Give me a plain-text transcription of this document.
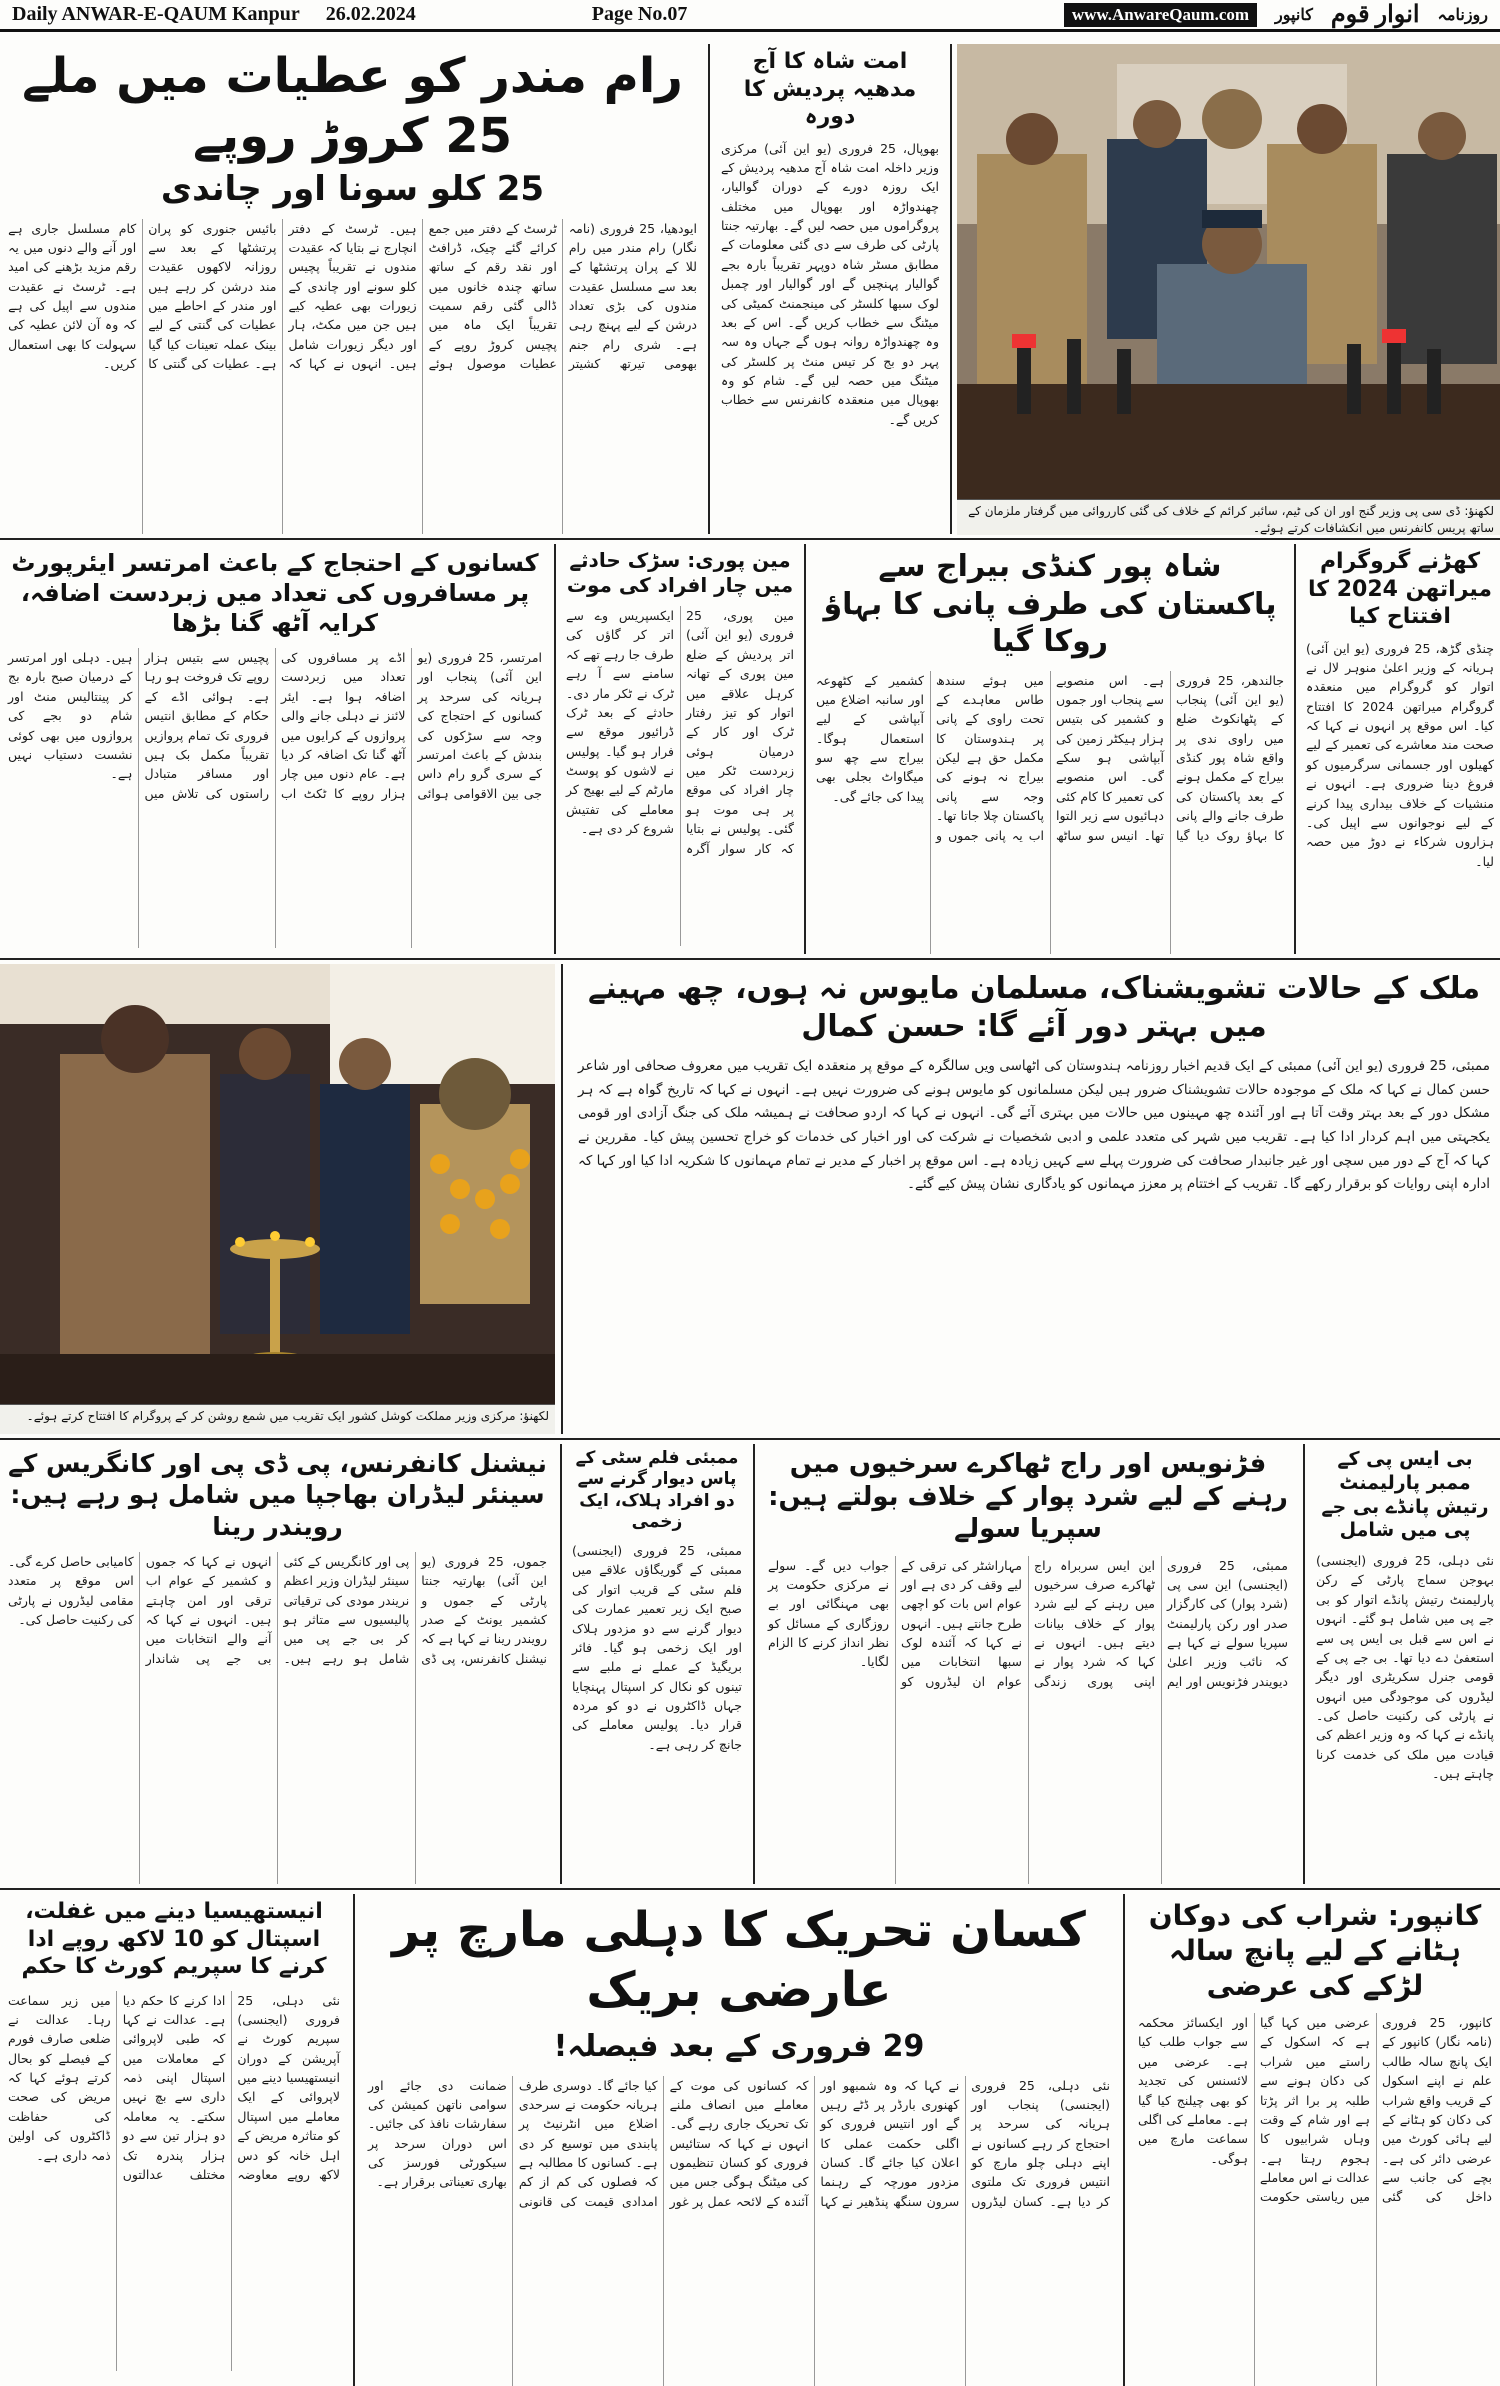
Daily ANWAR-E-QAUM Kanpur 26.02.2024	Page No.07	روزنامہ
انوار قوم
کانپور
www.AnwareQaum.com
لکھنؤ: ڈی سی پی وزیر گنج اور ان کی ٹیم، سائبر کرائم کے خلاف کی گئی کارروائی میں گرفتار ملزمان کے ساتھ پریس کانفرنس میں انکشافات کرتے ہوئے۔
امت شاہ کا آج مدھیہ پردیش کا دورہ
بھوپال، 25 فروری (یو این آئی) مرکزی وزیر داخلہ امت شاہ آج مدھیہ پردیش کے ایک روزہ دورے کے دوران گوالیار، چھندواڑہ اور بھوپال میں مختلف پروگراموں میں حصہ لیں گے۔ بھارتیہ جنتا پارٹی کی طرف سے دی گئی معلومات کے مطابق مسٹر شاہ دوپہر تقریباً بارہ بجے گوالیار پہنچیں گے اور گوالیار اور چمبل لوک سبھا کلسٹر کی مینجمنٹ کمیٹی کی میٹنگ سے خطاب کریں گے۔ اس کے بعد وہ چھندواڑہ روانہ ہوں گے جہاں وہ سہ پہر دو بج کر تیس منٹ پر کلسٹر کی میٹنگ میں حصہ لیں گے۔ شام کو وہ بھوپال میں منعقدہ کانفرنس سے خطاب کریں گے۔
رام مندر کو عطیات میں ملے 25 کروڑ روپے
25 کلو سونا اور چاندی
ایودھیا، 25 فروری (نامہ نگار) رام مندر میں رام للا کے پران پرتشٹھا کے بعد سے مسلسل عقیدت مندوں کی بڑی تعداد درشن کے لیے پہنچ رہی ہے۔ شری رام جنم بھومی تیرتھ کشیتر ٹرسٹ کے دفتر میں جمع کرائے گئے چیک، ڈرافٹ اور نقد رقم کے ساتھ ساتھ چندہ خانوں میں ڈالی گئی رقم سمیت تقریباً ایک ماہ میں پچیس کروڑ روپے کے عطیات موصول ہوئے ہیں۔ ٹرسٹ کے دفتر انچارج نے بتایا کہ عقیدت مندوں نے تقریباً پچیس کلو سونے اور چاندی کے زیورات بھی عطیہ کیے ہیں جن میں مکٹ، ہار اور دیگر زیورات شامل ہیں۔ انہوں نے کہا کہ بائیس جنوری کو پران پرتشٹھا کے بعد سے روزانہ لاکھوں عقیدت مند درشن کر رہے ہیں اور مندر کے احاطے میں عطیات کی گنتی کے لیے بینک عملہ تعینات کیا گیا ہے۔ عطیات کی گنتی کا کام مسلسل جاری ہے اور آنے والے دنوں میں یہ رقم مزید بڑھنے کی امید ہے۔ ٹرسٹ نے عقیدت مندوں سے اپیل کی ہے کہ وہ آن لائن عطیہ کی سہولت کا بھی استعمال کریں۔
کھڑنے گروگرام میراتھن 2024 کا افتتاح کیا
چنڈی گڑھ، 25 فروری (یو این آئی) ہریانہ کے وزیر اعلیٰ منوہر لال نے اتوار کو گروگرام میں منعقدہ گروگرام میراتھن 2024 کا افتتاح کیا۔ اس موقع پر انہوں نے کہا کہ صحت مند معاشرے کی تعمیر کے لیے کھیلوں اور جسمانی سرگرمیوں کو فروغ دینا ضروری ہے۔ انہوں نے منشیات کے خلاف بیداری پیدا کرنے کے لیے نوجوانوں سے اپیل کی۔ ہزاروں شرکاء نے دوڑ میں حصہ لیا۔
شاہ پور کنڈی بیراج سے پاکستان کی طرف پانی کا بہاؤ روکا گیا
جالندھر، 25 فروری (یو این آئی) پنجاب کے پٹھانکوٹ ضلع میں راوی ندی پر واقع شاہ پور کنڈی بیراج کے مکمل ہونے کے بعد پاکستان کی طرف جانے والے پانی کا بہاؤ روک دیا گیا ہے۔ اس منصوبے سے پنجاب اور جموں و کشمیر کی بتیس ہزار ہیکٹر زمین کی آبپاشی ہو سکے گی۔ اس منصوبے کی تعمیر کا کام کئی دہائیوں سے زیر التوا تھا۔ انیس سو ساٹھ میں ہوئے سندھ طاس معاہدے کے تحت راوی کے پانی پر ہندوستان کا مکمل حق ہے لیکن بیراج نہ ہونے کی وجہ سے پانی پاکستان چلا جاتا تھا۔ اب یہ پانی جموں و کشمیر کے کٹھوعہ اور سانبہ اضلاع میں آبپاشی کے لیے استعمال ہوگا۔ بیراج سے چھ سو میگاواٹ بجلی بھی پیدا کی جائے گی۔
مین پوری: سڑک حادثے میں چار افراد کی موت
مین پوری، 25 فروری (یو این آئی) اتر پردیش کے ضلع مین پوری کے تھانہ کرہل علاقے میں اتوار کو تیز رفتار ٹرک اور کار کے درمیان ہوئی زبردست ٹکر میں چار افراد کی موقع پر ہی موت ہو گئی۔ پولیس نے بتایا کہ کار سوار آگرہ ایکسپریس وے سے اتر کر گاؤں کی طرف جا رہے تھے کہ سامنے سے آ رہے ٹرک نے ٹکر مار دی۔ حادثے کے بعد ٹرک ڈرائیور موقع سے فرار ہو گیا۔ پولیس نے لاشوں کو پوسٹ مارٹم کے لیے بھیج کر معاملے کی تفتیش شروع کر دی ہے۔
کسانوں کے احتجاج کے باعث امرتسر ایئرپورٹ پر مسافروں کی تعداد میں زبردست اضافہ، کرایہ آٹھ گنا بڑھا
امرتسر، 25 فروری (یو این آئی) پنجاب اور ہریانہ کی سرحد پر کسانوں کے احتجاج کی وجہ سے سڑکوں کی بندش کے باعث امرتسر کے سری گرو رام داس جی بین الاقوامی ہوائی اڈے پر مسافروں کی تعداد میں زبردست اضافہ ہوا ہے۔ ایئر لائنز نے دہلی جانے والی پروازوں کے کرایوں میں آٹھ گنا تک اضافہ کر دیا ہے۔ عام دنوں میں چار ہزار روپے کا ٹکٹ اب پچیس سے بتیس ہزار روپے تک فروخت ہو رہا ہے۔ ہوائی اڈے کے حکام کے مطابق انتیس فروری تک تمام پروازیں تقریباً مکمل بک ہیں اور مسافر متبادل راستوں کی تلاش میں ہیں۔ دہلی اور امرتسر کے درمیان صبح بارہ بج کر پینتالیس منٹ اور شام دو بجے کی پروازوں میں بھی کوئی نشست دستیاب نہیں ہے۔
لکھنؤ: مرکزی وزیر مملکت کوشل کشور ایک تقریب میں شمع روشن کر کے پروگرام کا افتتاح کرتے ہوئے۔
ملک کے حالات تشویشناک، مسلمان مایوس نہ ہوں، چھ مہینے میں بہتر دور آئے گا: حسن کمال
ممبئی، 25 فروری (یو این آئی) ممبئی کے ایک قدیم اخبار روزنامہ ہندوستان کی اٹھاسی ویں سالگرہ کے موقع پر منعقدہ ایک تقریب میں معروف صحافی اور شاعر حسن کمال نے کہا کہ ملک کے موجودہ حالات تشویشناک ضرور ہیں لیکن مسلمانوں کو مایوس ہونے کی ضرورت نہیں ہے۔ انہوں نے کہا کہ تاریخ گواہ ہے کہ ہر مشکل دور کے بعد بہتر وقت آتا ہے اور آئندہ چھ مہینوں میں حالات میں بہتری آئے گی۔ انہوں نے کہا کہ اردو صحافت نے ہمیشہ ملک کی جنگ آزادی اور قومی یکجہتی میں اہم کردار ادا کیا ہے۔ تقریب میں شہر کی متعدد علمی و ادبی شخصیات نے شرکت کی اور اخبار کی خدمات کو خراج تحسین پیش کیا۔ مقررین نے کہا کہ آج کے دور میں سچی اور غیر جانبدار صحافت کی ضرورت پہلے سے کہیں زیادہ ہے۔ اس موقع پر اخبار کے مدیر نے تمام مہمانوں کا شکریہ ادا کیا اور کہا کہ ادارہ اپنی روایات کو برقرار رکھے گا۔ تقریب کے اختتام پر معزز مہمانوں کو یادگاری نشان پیش کیے گئے۔
بی ایس پی کے ممبر پارلیمنٹ رتیش پانڈے بی جے پی میں شامل
نئی دہلی، 25 فروری (ایجنسی) بہوجن سماج پارٹی کے رکن پارلیمنٹ رتیش پانڈے اتوار کو بی جے پی میں شامل ہو گئے۔ انہوں نے اس سے قبل بی ایس پی سے استعفیٰ دے دیا تھا۔ بی جے پی کے قومی جنرل سکریٹری اور دیگر لیڈروں کی موجودگی میں انہوں نے پارٹی کی رکنیت حاصل کی۔ پانڈے نے کہا کہ وہ وزیر اعظم کی قیادت میں ملک کی خدمت کرنا چاہتے ہیں۔
فڑنویس اور راج ٹھاکرے سرخیوں میں رہنے کے لیے شرد پوار کے خلاف بولتے ہیں: سپریا سولے
ممبئی، 25 فروری (ایجنسی) این سی پی (شرد پوار) کی کارگزار صدر اور رکن پارلیمنٹ سپریا سولے نے کہا ہے کہ نائب وزیر اعلیٰ دیویندر فڑنویس اور ایم این ایس سربراہ راج ٹھاکرے صرف سرخیوں میں رہنے کے لیے شرد پوار کے خلاف بیانات دیتے ہیں۔ انہوں نے کہا کہ شرد پوار نے اپنی پوری زندگی مہاراشٹر کی ترقی کے لیے وقف کر دی ہے اور عوام اس بات کو اچھی طرح جانتے ہیں۔ انہوں نے کہا کہ آئندہ لوک سبھا انتخابات میں عوام ان لیڈروں کو جواب دیں گے۔ سولے نے مرکزی حکومت پر بھی مہنگائی اور بے روزگاری کے مسائل کو نظر انداز کرنے کا الزام لگایا۔
ممبئی فلم سٹی کے پاس دیوار گرنے سے دو افراد ہلاک، ایک زخمی
ممبئی، 25 فروری (ایجنسی) ممبئی کے گوریگاؤں علاقے میں فلم سٹی کے قریب اتوار کی صبح ایک زیر تعمیر عمارت کی دیوار گرنے سے دو مزدور ہلاک اور ایک زخمی ہو گیا۔ فائر بریگیڈ کے عملے نے ملبے سے تینوں کو نکال کر اسپتال پہنچایا جہاں ڈاکٹروں نے دو کو مردہ قرار دیا۔ پولیس معاملے کی جانچ کر رہی ہے۔
نیشنل کانفرنس، پی ڈی پی اور کانگریس کے سینئر لیڈران بھاجپا میں شامل ہو رہے ہیں: رویندر رینا
جموں، 25 فروری (یو این آئی) بھارتیہ جنتا پارٹی کے جموں و کشمیر یونٹ کے صدر رویندر رینا نے کہا ہے کہ نیشنل کانفرنس، پی ڈی پی اور کانگریس کے کئی سینئر لیڈران وزیر اعظم نریندر مودی کی ترقیاتی پالیسیوں سے متاثر ہو کر بی جے پی میں شامل ہو رہے ہیں۔ انہوں نے کہا کہ جموں و کشمیر کے عوام اب ترقی اور امن چاہتے ہیں۔ انہوں نے کہا کہ آنے والے انتخابات میں بی جے پی شاندار کامیابی حاصل کرے گی۔ اس موقع پر متعدد مقامی لیڈروں نے پارٹی کی رکنیت حاصل کی۔
کانپور: شراب کی دوکان ہٹانے کے لیے پانچ سالہ لڑکے کی عرضی
کانپور، 25 فروری (نامہ نگار) کانپور کے ایک پانچ سالہ طالب علم نے اپنے اسکول کے قریب واقع شراب کی دکان کو ہٹانے کے لیے ہائی کورٹ میں عرضی دائر کی ہے۔ بچے کی جانب سے داخل کی گئی عرضی میں کہا گیا ہے کہ اسکول کے راستے میں شراب کی دکان ہونے سے طلبہ پر برا اثر پڑتا ہے اور شام کے وقت وہاں شرابیوں کا ہجوم رہتا ہے۔ عدالت نے اس معاملے میں ریاستی حکومت اور ایکسائز محکمہ سے جواب طلب کیا ہے۔ عرضی میں لائسنس کی تجدید کو بھی چیلنج کیا گیا ہے۔ معاملے کی اگلی سماعت مارچ میں ہوگی۔
کسان تحریک کا دہلی مارچ پر عارضی بریک
29 فروری کے بعد فیصلہ!
نئی دہلی، 25 فروری (ایجنسی) پنجاب اور ہریانہ کی سرحد پر احتجاج کر رہے کسانوں نے اپنے دہلی چلو مارچ کو انتیس فروری تک ملتوی کر دیا ہے۔ کسان لیڈروں نے کہا کہ وہ شمبھو اور کھنوری بارڈر پر ڈٹے رہیں گے اور انتیس فروری کو اگلی حکمت عملی کا اعلان کیا جائے گا۔ کسان مزدور مورچہ کے رہنما سرون سنگھ پنڈھیر نے کہا کہ کسانوں کی موت کے معاملے میں انصاف ملنے تک تحریک جاری رہے گی۔ انہوں نے کہا کہ ستائیس فروری کو کسان تنظیموں کی میٹنگ ہوگی جس میں آئندہ کے لائحہ عمل پر غور کیا جائے گا۔ دوسری طرف ہریانہ حکومت نے سرحدی اضلاع میں انٹرنیٹ پر پابندی میں توسیع کر دی ہے۔ کسانوں کا مطالبہ ہے کہ فصلوں کی کم از کم امدادی قیمت کی قانونی ضمانت دی جائے اور سوامی ناتھن کمیشن کی سفارشات نافذ کی جائیں۔ اس دوران سرحد پر سیکورٹی فورسز کی بھاری تعیناتی برقرار ہے۔
انیستھیسیا دینے میں غفلت، اسپتال کو 10 لاکھ روپے ادا کرنے کا سپریم کورٹ کا حکم
نئی دہلی، 25 فروری (ایجنسی) سپریم کورٹ نے آپریشن کے دوران انیستھیسیا دینے میں لاپروائی کے ایک معاملے میں اسپتال کو متاثرہ مریض کے اہل خانہ کو دس لاکھ روپے معاوضہ ادا کرنے کا حکم دیا ہے۔ عدالت نے کہا کہ طبی لاپروائی کے معاملات میں اسپتال اپنی ذمہ داری سے بچ نہیں سکتے۔ یہ معاملہ دو ہزار تین سے دو ہزار پندرہ تک مختلف عدالتوں میں زیر سماعت رہا۔ عدالت نے ضلعی صارف فورم کے فیصلے کو بحال کرتے ہوئے کہا کہ مریض کی صحت کی حفاظت ڈاکٹروں کی اولین ذمہ داری ہے۔
